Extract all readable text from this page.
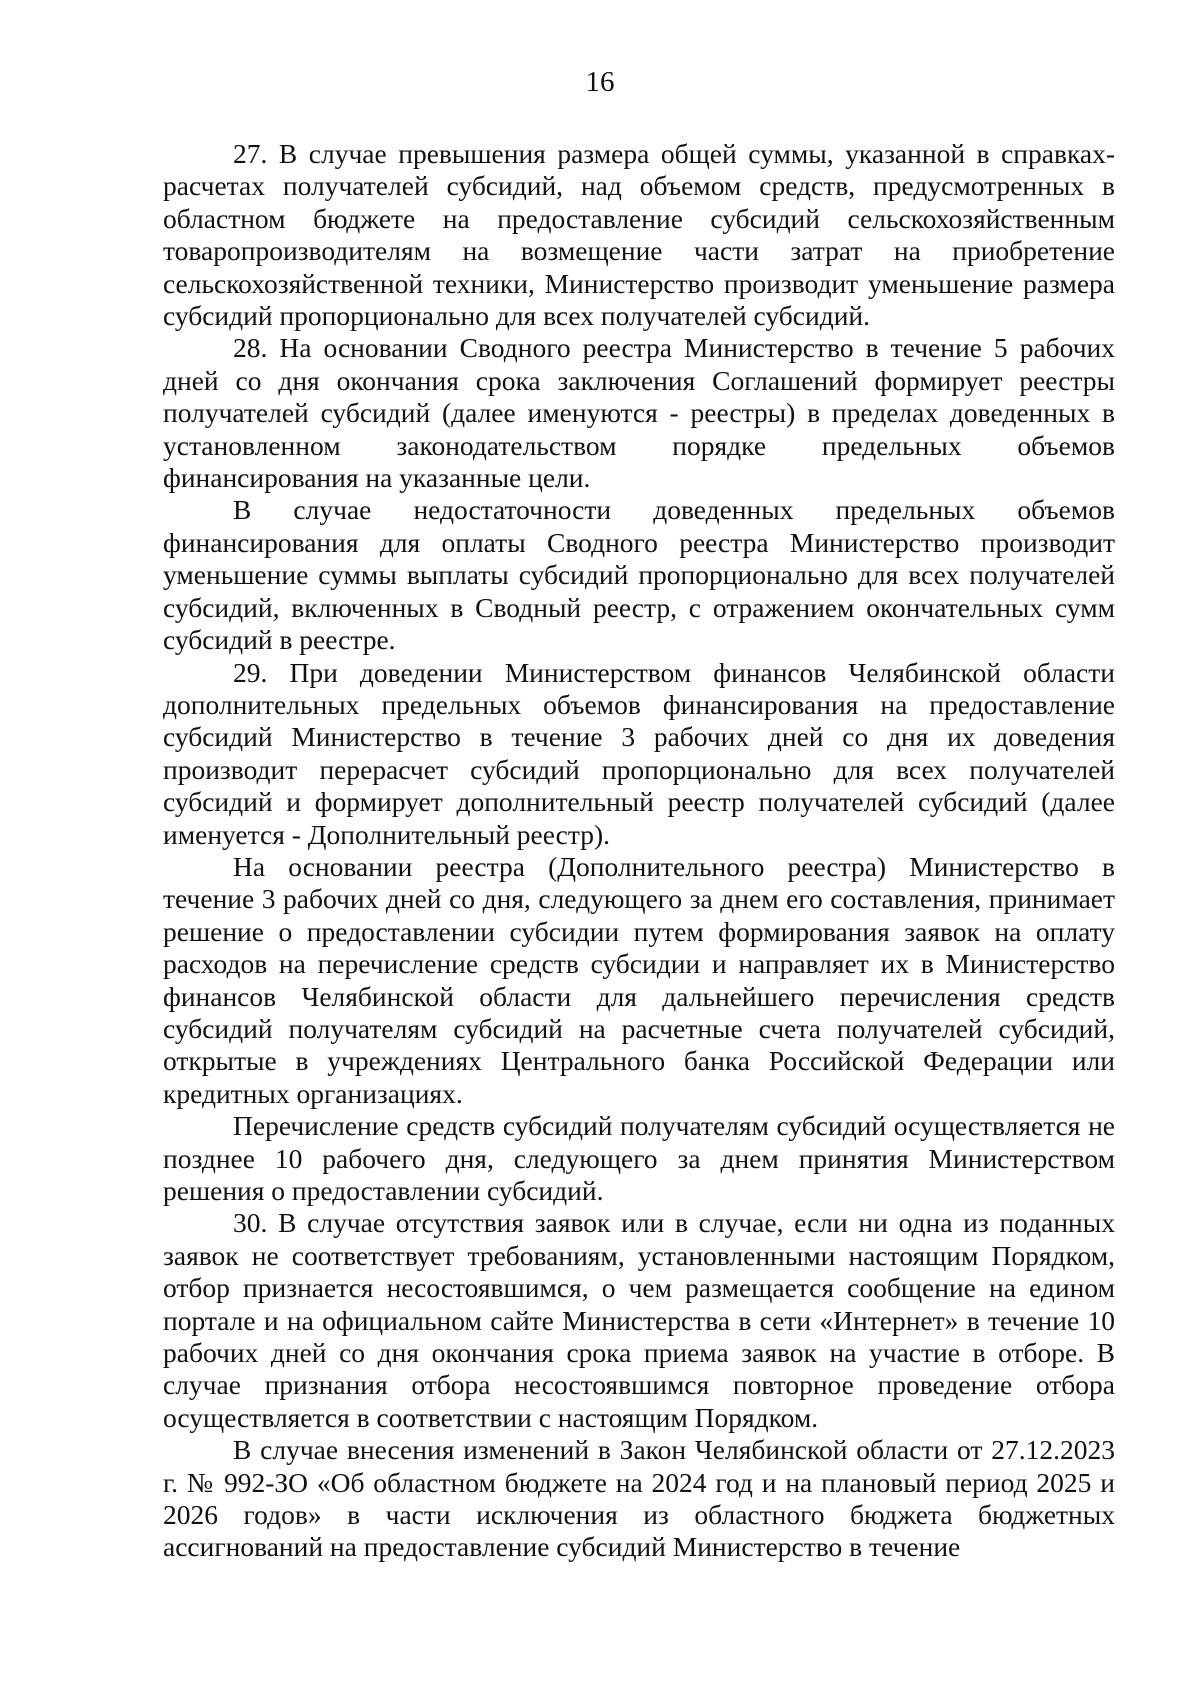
16

27. В случае превышения размера общей суммы, указанной в справках-расчетах получателей субсидий, над объемом средств, предусмотренных в областном бюджете на предоставление субсидий сельскохозяйственным товаропроизводителям на возмещение части затрат на приобретение сельскохозяйственной техники, Министерство производит уменьшение размера субсидий пропорционально для всех получателей субсидий.

28. На основании Сводного реестра Министерство в течение 5 рабочих дней со дня окончания срока заключения Соглашений формирует реестры получателей субсидий (далее именуются - реестры) в пределах доведенных в установленном законодательством порядке предельных объемов финансирования на указанные цели.

В случае недостаточности доведенных предельных объемов финансирования для оплаты Сводного реестра Министерство производит уменьшение суммы выплаты субсидий пропорционально для всех получателей субсидий, включенных в Сводный реестр, с отражением окончательных сумм субсидий в реестре.

29. При доведении Министерством финансов Челябинской области дополнительных предельных объемов финансирования на предоставление субсидий Министерство в течение 3 рабочих дней со дня их доведения производит перерасчет субсидий пропорционально для всех получателей субсидий и формирует дополнительный реестр получателей субсидий (далее именуется - Дополнительный реестр).

На основании реестра (Дополнительного реестра) Министерство в течение 3 рабочих дней со дня, следующего за днем его составления, принимает решение о предоставлении субсидии путем формирования заявок на оплату расходов на перечисление средств субсидии и направляет их в Министерство финансов Челябинской области для дальнейшего перечисления средств субсидий получателям субсидий на расчетные счета получателей субсидий, открытые в учреждениях Центрального банка Российской Федерации или кредитных организациях.

Перечисление средств субсидий получателям субсидий осуществляется не позднее 10 рабочего дня, следующего за днем принятия Министерством решения о предоставлении субсидий.

30. В случае отсутствия заявок или в случае, если ни одна из поданных заявок не соответствует требованиям, установленными настоящим Порядком, отбор признается несостоявшимся, о чем размещается сообщение на едином портале и на официальном сайте Министерства в сети «Интернет» в течение 10 рабочих дней со дня окончания срока приема заявок на участие в отборе. В случае признания отбора несостоявшимся повторное проведение отбора осуществляется в соответствии с настоящим Порядком.

В случае внесения изменений в Закон Челябинской области от 27.12.2023 г. № 992-ЗО «Об областном бюджете на 2024 год и на плановый период 2025 и 2026 годов» в части исключения из областного бюджета бюджетных ассигнований на предоставление субсидий Министерство в течение
